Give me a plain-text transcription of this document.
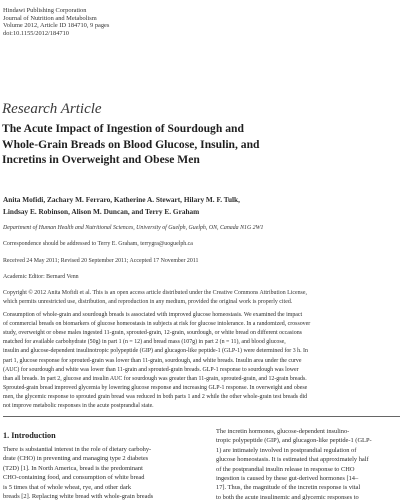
Hindawi Publishing Corporation
Journal of Nutrition and Metabolism
Volume 2012, Article ID 184710, 9 pages
doi:10.1155/2012/184710
Research Article
The Acute Impact of Ingestion of Sourdough and
Whole-Grain Breads on Blood Glucose, Insulin, and
Incretins in Overweight and Obese Men
Anita Mofidi, Zachary M. Ferraro, Katherine A. Stewart, Hilary M. F. Tulk,
Lindsay E. Robinson, Alison M. Duncan, and Terry E. Graham
Department of Human Health and Nutritional Sciences, University of Guelph, Guelph, ON, Canada N1G 2W1
Correspondence should be addressed to Terry E. Graham, terrygra@uoguelph.ca
Received 24 May 2011; Revised 20 September 2011; Accepted 17 November 2011
Academic Editor: Bernard Venn
Copyright © 2012 Anita Mofidi et al. This is an open access article distributed under the Creative Commons Attribution License,
which permits unrestricted use, distribution, and reproduction in any medium, provided the original work is properly cited.
Consumption of whole-grain and sourdough breads is associated with improved glucose homeostasis. We examined the impact
of commercial breads on biomarkers of glucose homeostasis in subjects at risk for glucose intolerance. In a randomized, crossover
study, overweight or obese males ingested 11-grain, sprouted-grain, 12-grain, sourdough, or white bread on different occasions
matched for available carbohydrate (50g) in part 1 (n = 12) and bread mass (107g) in part 2 (n = 11), and blood glucose,
insulin and glucose-dependent insulinotropic polypeptide (GIP) and glucagon-like peptide-1 (GLP-1) were determined for 3 h. In
part 1, glucose response for sprouted-grain was lower than 11-grain, sourdough, and white breads. Insulin area under the curve
(AUC) for sourdough and white was lower than 11-grain and sprouted-grain breads. GLP-1 response to sourdough was lower
than all breads. In part 2, glucose and insulin AUC for sourdough was greater than 11-grain, sprouted-grain, and 12-grain breads.
Sprouted-grain bread improved glycemia by lowering glucose response and increasing GLP-1 response. In overweight and obese
men, the glycemic response to sprouted grain bread was reduced in both parts 1 and 2 while the other whole-grain test breads did
not improve metabolic responses in the acute postprandial state.
1. Introduction
There is substantial interest in the role of dietary carbohy-
drate (CHO) in preventing and managing type 2 diabetes
(T2D) [1]. In North America, bread is the predominant
CHO-containing food, and consumption of white bread
is 5 times that of whole wheat, rye, and other dark
breads [2]. Replacing white bread with whole-grain breads
The incretin hormones, glucose-dependent insulino-
tropic polypeptide (GIP), and glucagon-like peptide-1 (GLP-
1) are intimately involved in postprandial regulation of
glucose homeostasis. It is estimated that approximately half
of the postprandial insulin release in response to CHO
ingestion is caused by these gut-derived hormones [14–
17]. Thus, the magnitude of the incretin response is vital
to both the acute insulinemic and glycemic responses to
